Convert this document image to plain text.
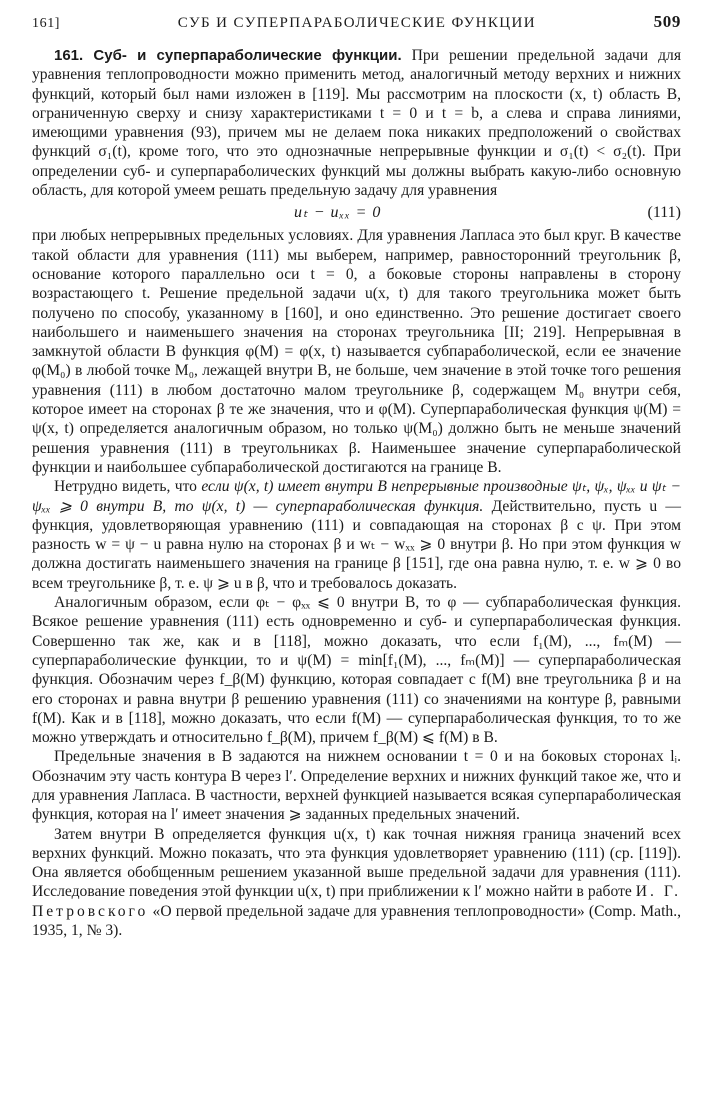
161]	СУБ И СУПЕРПАРАБОЛИЧЕСКИЕ ФУНКЦИИ	509

161. Суб- и суперпараболические функции. При решении предельной задачи для уравнения теплопроводности можно применить метод, аналогичный методу верхних и нижних функций, который был нами изложен в [119]. Мы рассмотрим на плоскости (x, t) область B, ограниченную сверху и снизу характеристиками t = 0 и t = b, а слева и справа линиями, имеющими уравнения (93), причем мы не делаем пока никаких предположений о свойствах функций σ₁(t), кроме того, что это однозначные непрерывные функции и σ₁(t) < σ₂(t). При определении суб- и суперпараболических функций мы должны выбрать какую-либо основную область, для которой умеем решать предельную задачу для уравнения

uₜ − uₓₓ = 0	(111)

при любых непрерывных предельных условиях. Для уравнения Лапласа это был круг. В качестве такой области для уравнения (111) мы выберем, например, равносторонний треугольник β, основание которого параллельно оси t = 0, а боковые стороны направлены в сторону возрастающего t. Решение предельной задачи u(x, t) для такого треугольника может быть получено по способу, указанному в [160], и оно единственно. Это решение достигает своего наибольшего и наименьшего значения на сторонах треугольника [II; 219]. Непрерывная в замкнутой области B функция φ(M) = φ(x, t) называется субпараболической, если ее значение φ(M₀) в любой точке M₀, лежащей внутри B, не больше, чем значение в этой точке того решения уравнения (111) в любом достаточно малом треугольнике β, содержащем M₀ внутри себя, которое имеет на сторонах β те же значения, что и φ(M). Суперпараболическая функция ψ(M) = ψ(x, t) определяется аналогичным образом, но только ψ(M₀) должно быть не меньше значений решения уравнения (111) в треугольниках β. Наименьшее значение суперпараболической функции и наибольшее субпараболической достигаются на границе B.

Нетрудно видеть, что если ψ(x, t) имеет внутри B непрерывные производные ψₜ, ψₓ, ψₓₓ и ψₜ − ψₓₓ ⩾ 0 внутри B, то ψ(x, t) — суперпараболическая функция. Действительно, пусть u — функция, удовлетворяющая уравнению (111) и совпадающая на сторонах β с ψ. При этом разность w = ψ − u равна нулю на сторонах β и wₜ − wₓₓ ⩾ 0 внутри β. Но при этом функция w должна достигать наименьшего значения на границе β [151], где она равна нулю, т. е. w ⩾ 0 во всем треугольнике β, т. е. ψ ⩾ u в β, что и требовалось доказать.

Аналогичным образом, если φₜ − φₓₓ ⩽ 0 внутри B, то φ — субпараболическая функция. Всякое решение уравнения (111) есть одновременно и суб- и суперпараболическая функция. Совершенно так же, как и в [118], можно доказать, что если f₁(M), ..., fₘ(M) — суперпараболические функции, то и ψ(M) = min[f₁(M), ..., fₘ(M)] — суперпараболическая функция. Обозначим через f_β(M) функцию, которая совпадает с f(M) вне треугольника β и на его сторонах и равна внутри β решению уравнения (111) со значениями на контуре β, равными f(M). Как и в [118], можно доказать, что если f(M) — суперпараболическая функция, то то же можно утверждать и относительно f_β(M), причем f_β(M) ⩽ f(M) в B.

Предельные значения в B задаются на нижнем основании t = 0 и на боковых сторонах lᵢ. Обозначим эту часть контура B через l′. Определение верхних и нижних функций такое же, что и для уравнения Лапласа. В частности, верхней функцией называется всякая суперпараболическая функция, которая на l′ имеет значения ⩾ заданных предельных значений.

Затем внутри B определяется функция u(x, t) как точная нижняя граница значений всех верхних функций. Можно показать, что эта функция удовлетворяет уравнению (111) (ср. [119]). Она является обобщенным решением указанной выше предельной задачи для уравнения (111). Исследование поведения этой функции u(x, t) при приближении к l′ можно найти в работе И. Г. Петровского «О первой предельной задаче для уравнения теплопроводности» (Comp. Math., 1935, 1, № 3).
